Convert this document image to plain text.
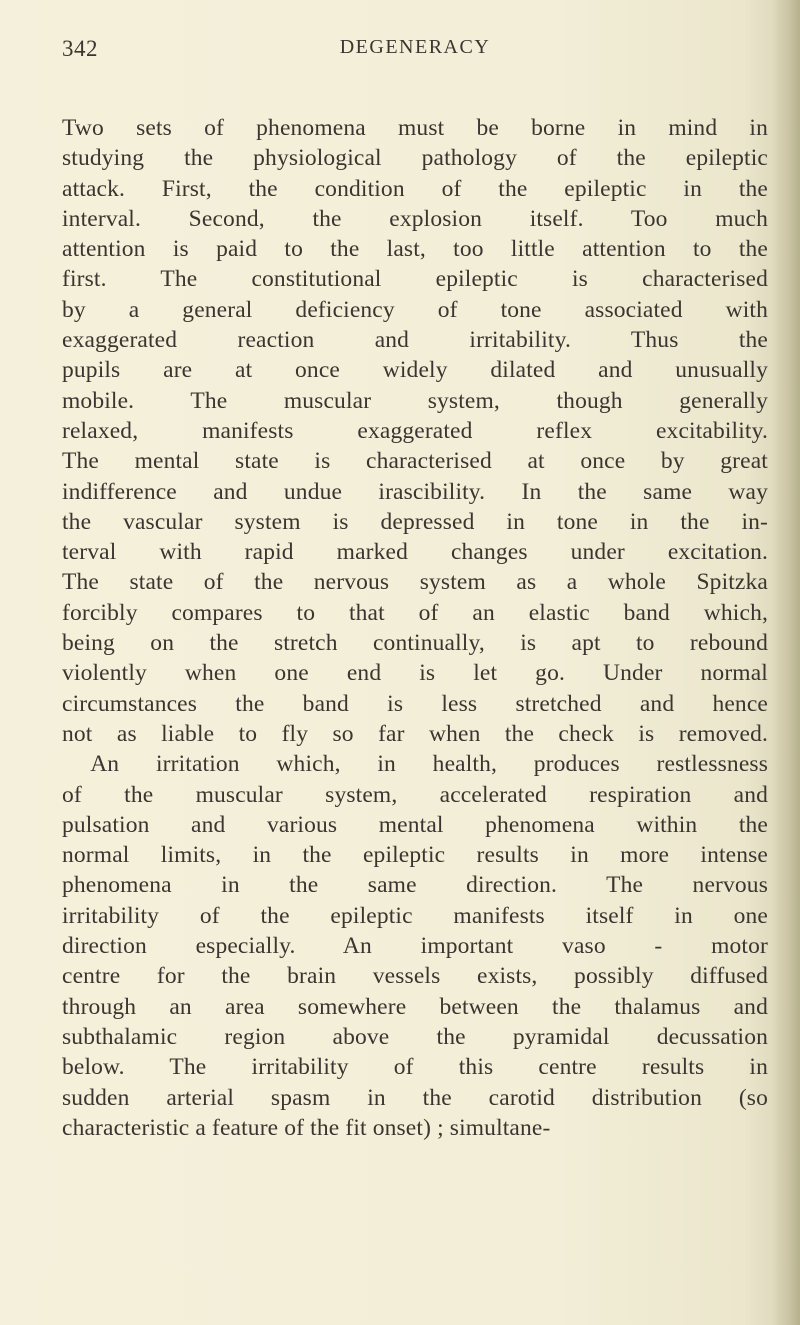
342	DEGENERACY
Two sets of phenomena must be borne in mind in
studying the physiological pathology of the epileptic
attack. First, the condition of the epileptic in the
interval. Second, the explosion itself. Too much
attention is paid to the last, too little attention to the
first. The constitutional epileptic is characterised
by a general deficiency of tone associated with
exaggerated reaction and irritability. Thus the
pupils are at once widely dilated and unusually
mobile. The muscular system, though generally
relaxed, manifests exaggerated reflex excitability.
The mental state is characterised at once by great
indifference and undue irascibility. In the same way
the vascular system is depressed in tone in the in-
terval with rapid marked changes under excitation.
The state of the nervous system as a whole Spitzka
forcibly compares to that of an elastic band which,
being on the stretch continually, is apt to rebound
violently when one end is let go. Under normal
circumstances the band is less stretched and hence
not as liable to fly so far when the check is removed.
An irritation which, in health, produces restlessness
of the muscular system, accelerated respiration and
pulsation and various mental phenomena within the
normal limits, in the epileptic results in more intense
phenomena in the same direction. The nervous
irritability of the epileptic manifests itself in one
direction especially. An important vaso - motor
centre for the brain vessels exists, possibly diffused
through an area somewhere between the thalamus and
subthalamic region above the pyramidal decussation
below. The irritability of this centre results in
sudden arterial spasm in the carotid distribution (so
characteristic a feature of the fit onset) ; simultane-
